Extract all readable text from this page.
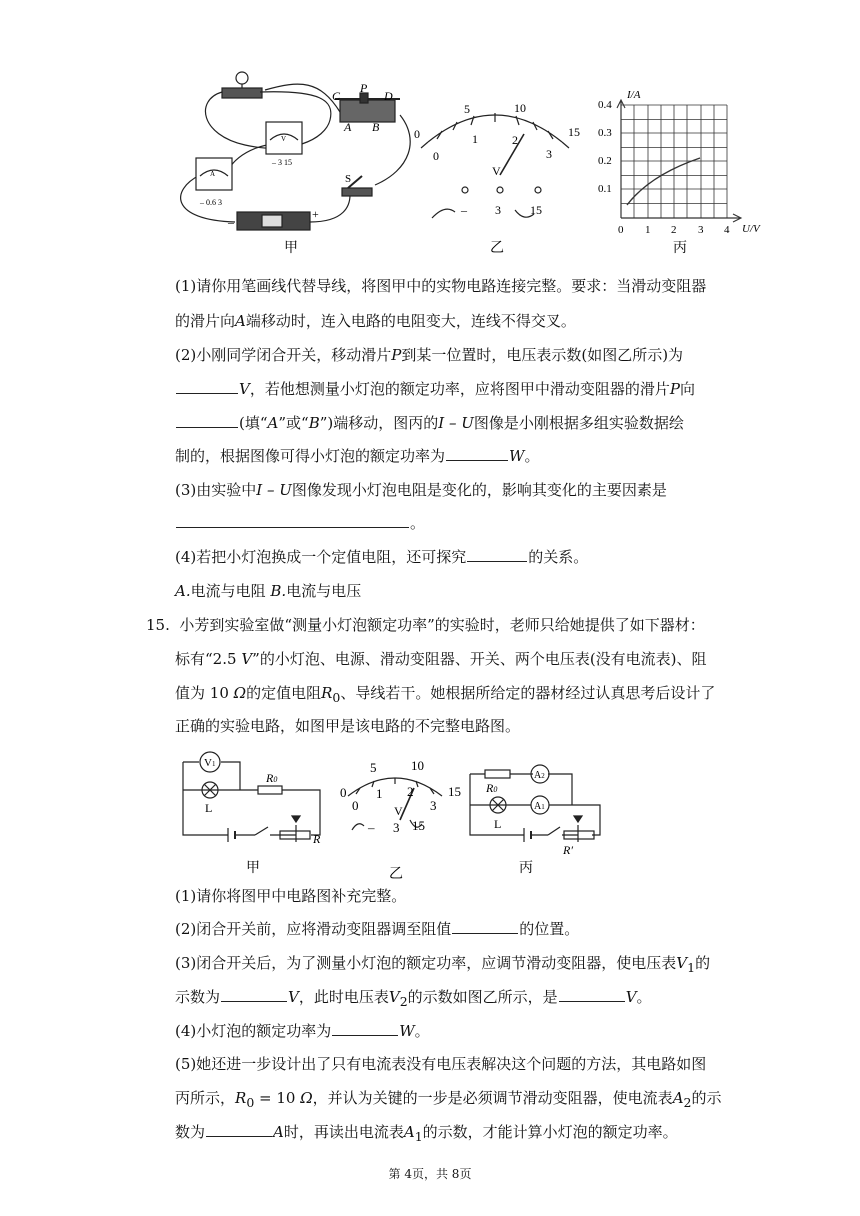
C
P
D
A B
A
– 0.6 3
V
– 3 15
S
–
+
甲
0
5	10
15
0
1	2
3
V
– 3 15
乙
I/A
U/V
0.4
0.3
0.2
0.1
0 1 2 3 4
丙
(1)请你用笔画线代替导线，将图甲中的实物电路连接完整。要求：当滑动变阻器
的滑片向A端移动时，连入电路的电阻变大，连线不得交叉。
(2)小刚同学闭合开关，移动滑片P到某一位置时，电压表示数(如图乙所示)为
V，若他想测量小灯泡的额定功率，应将图甲中滑动变阻器的滑片P向
(填“A”或“B”)端移动，图丙的I – U图像是小刚根据多组实验数据绘
制的，根据图像可得小灯泡的额定功率为	W。
(3)由实验中I – U图像发现小灯泡电阻是变化的，影响其变化的主要因素是
。
(4)若把小灯泡换成一个定值电阻，还可探究	的关系。
A.电流与电阻 B.电流与电压
15. 小芳到实验室做“测量小灯泡额定功率”的实验时，老师只给她提供了如下器材：
标有“2.5 V”的小灯泡、电源、滑动变阻器、开关、两个电压表(没有电流表)、阻
值为 10 Ω的定值电阻$R_0$、导线若干。她根据所给定的器材经过认真思考后设计了
正确的实验电路，如图甲是该电路的不完整电路图。
V1
L
R0
R
甲
0
5	10
15
0
1 2
3
V
– 3 15
乙
R0
A2
A1
L
R′
丙
(1)请你将图甲中电路图补充完整。
(2)闭合开关前，应将滑动变阻器调至阻值	的位置。
(3)闭合开关后，为了测量小灯泡的额定功率，应调节滑动变阻器，使电压表$V_1$的
示数为	V，此时电压表$V_2$的示数如图乙所示，是	V。
(4)小灯泡的额定功率为	W。
(5)她还进一步设计出了只有电流表没有电压表解决这个问题的方法，其电路如图
丙所示，$R_0 = 10$ Ω，并认为关键的一步是必须调节滑动变阻器，使电流表$A_2$的示
数为	A时，再读出电流表$A_1$的示数，才能计算小灯泡的额定功率。
第 4页，共 8页
